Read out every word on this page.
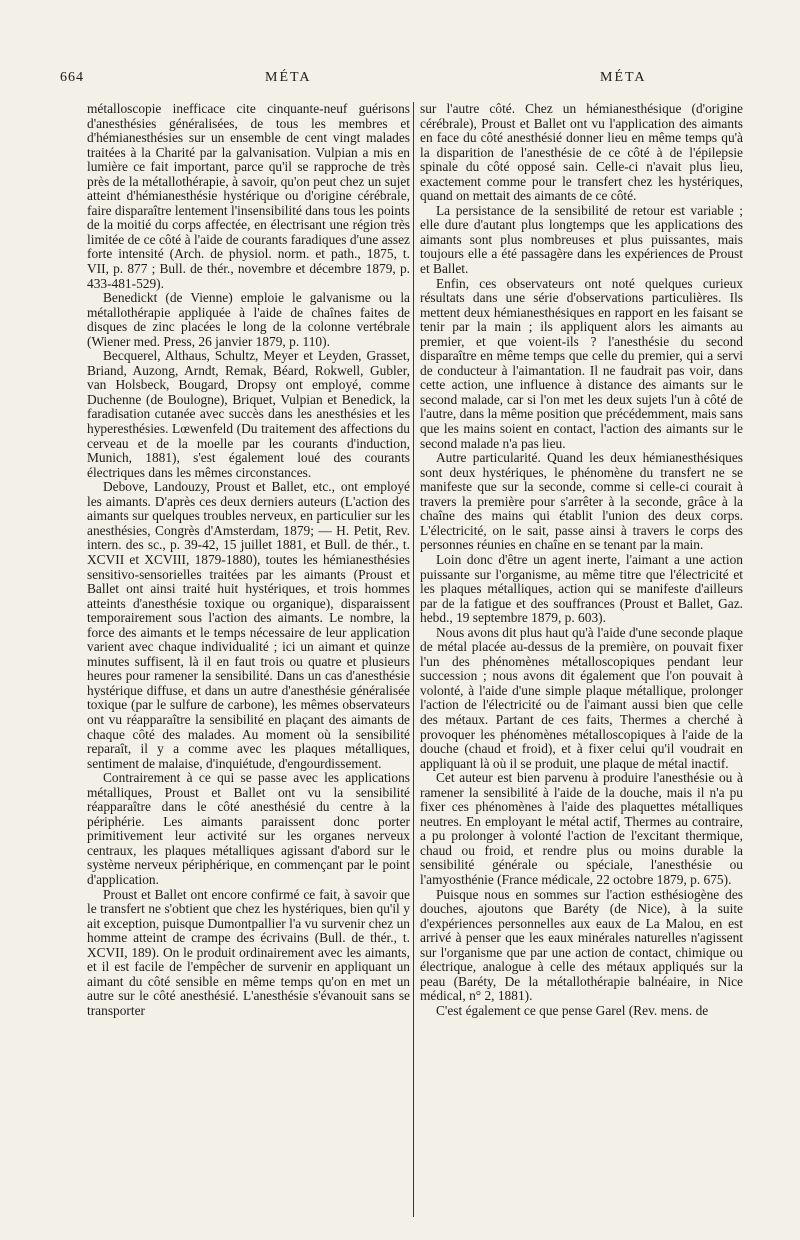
664	MÉTA	MÉTA

métalloscopie inefficace cite cinquante-neuf guérisons d'anesthésies généralisées, de tous les membres et d'hémianesthésies sur un ensemble de cent vingt malades traitées à la Charité par la galvanisation. Vulpian a mis en lumière ce fait important, parce qu'il se rapproche de très près de la métallothérapie, à savoir, qu'on peut chez un sujet atteint d'hémianesthésie hystérique ou d'origine cérébrale, faire disparaître lentement l'insensibilité dans tous les points de la moitié du corps affectée, en électrisant une région très limitée de ce côté à l'aide de courants faradiques d'une assez forte intensité (Arch. de physiol. norm. et path., 1875, t. VII, p. 877 ; Bull. de thér., novembre et décembre 1879, p. 433-481-529).

Benedickt (de Vienne) emploie le galvanisme ou la métallothérapie appliquée à l'aide de chaînes faites de disques de zinc placées le long de la colonne vertébrale (Wiener med. Press, 26 janvier 1879, p. 110).

Becquerel, Althaus, Schultz, Meyer et Leyden, Grasset, Briand, Auzong, Arndt, Remak, Béard, Rokwell, Gubler, van Holsbeck, Bougard, Dropsy ont employé, comme Duchenne (de Boulogne), Briquet, Vulpian et Benedick, la faradisation cutanée avec succès dans les anesthésies et les hyperesthésies. Lœwenfeld (Du traitement des affections du cerveau et de la moelle par les courants d'induction, Munich, 1881), s'est également loué des courants électriques dans les mêmes circonstances.

Debove, Landouzy, Proust et Ballet, etc., ont employé les aimants. D'après ces deux derniers auteurs (L'action des aimants sur quelques troubles nerveux, en particulier sur les anesthésies, Congrès d'Amsterdam, 1879; — H. Petit, Rev. intern. des sc., p. 39-42, 15 juillet 1881, et Bull. de thér., t. XCVII et XCVIII, 1879-1880), toutes les hémianesthésies sensitivo-sensorielles traitées par les aimants (Proust et Ballet ont ainsi traité huit hystériques, et trois hommes atteints d'anesthésie toxique ou organique), disparaissent temporairement sous l'action des aimants. Le nombre, la force des aimants et le temps nécessaire de leur application varient avec chaque individualité ; ici un aimant et quinze minutes suffisent, là il en faut trois ou quatre et plusieurs heures pour ramener la sensibilité. Dans un cas d'anesthésie hystérique diffuse, et dans un autre d'anesthésie généralisée toxique (par le sulfure de carbone), les mêmes observateurs ont vu réapparaître la sensibilité en plaçant des aimants de chaque côté des malades. Au moment où la sensibilité reparaît, il y a comme avec les plaques métalliques, sentiment de malaise, d'inquiétude, d'engourdissement.

Contrairement à ce qui se passe avec les applications métalliques, Proust et Ballet ont vu la sensibilité réapparaître dans le côté anesthésié du centre à la périphérie. Les aimants paraissent donc porter primitivement leur activité sur les organes nerveux centraux, les plaques métalliques agissant d'abord sur le système nerveux périphérique, en commençant par le point d'application.

Proust et Ballet ont encore confirmé ce fait, à savoir que le transfert ne s'obtient que chez les hystériques, bien qu'il y ait exception, puisque Dumontpallier l'a vu survenir chez un homme atteint de crampe des écrivains (Bull. de thér., t. XCVII, 189). On le produit ordinairement avec les aimants, et il est facile de l'empêcher de survenir en appliquant un aimant du côté sensible en même temps qu'on en met un autre sur le côté anesthésié. L'anesthésie s'évanouit sans se transporter

sur l'autre côté. Chez un hémianesthésique (d'origine cérébrale), Proust et Ballet ont vu l'application des aimants en face du côté anesthésié donner lieu en même temps qu'à la disparition de l'anesthésie de ce côté à de l'épilepsie spinale du côté opposé sain. Celle-ci n'avait plus lieu, exactement comme pour le transfert chez les hystériques, quand on mettait des aimants de ce côté.

La persistance de la sensibilité de retour est variable ; elle dure d'autant plus longtemps que les applications des aimants sont plus nombreuses et plus puissantes, mais toujours elle a été passagère dans les expériences de Proust et Ballet.

Enfin, ces observateurs ont noté quelques curieux résultats dans une série d'observations particulières. Ils mettent deux hémianesthésiques en rapport en les faisant se tenir par la main ; ils appliquent alors les aimants au premier, et que voient-ils ? l'anesthésie du second disparaître en même temps que celle du premier, qui a servi de conducteur à l'aimantation. Il ne faudrait pas voir, dans cette action, une influence à distance des aimants sur le second malade, car si l'on met les deux sujets l'un à côté de l'autre, dans la même position que précédemment, mais sans que les mains soient en contact, l'action des aimants sur le second malade n'a pas lieu.

Autre particularité. Quand les deux hémianesthésiques sont deux hystériques, le phénomène du transfert ne se manifeste que sur la seconde, comme si celle-ci courait à travers la première pour s'arrêter à la seconde, grâce à la chaîne des mains qui établit l'union des deux corps. L'électricité, on le sait, passe ainsi à travers le corps des personnes réunies en chaîne en se tenant par la main.

Loin donc d'être un agent inerte, l'aimant a une action puissante sur l'organisme, au même titre que l'électricité et les plaques métalliques, action qui se manifeste d'ailleurs par de la fatigue et des souffrances (Proust et Ballet, Gaz. hebd., 19 septembre 1879, p. 603).

Nous avons dit plus haut qu'à l'aide d'une seconde plaque de métal placée au-dessus de la première, on pouvait fixer l'un des phénomènes métalloscopiques pendant leur succession ; nous avons dit également que l'on pouvait à volonté, à l'aide d'une simple plaque métallique, prolonger l'action de l'électricité ou de l'aimant aussi bien que celle des métaux. Partant de ces faits, Thermes a cherché à provoquer les phénomènes métalloscopiques à l'aide de la douche (chaud et froid), et à fixer celui qu'il voudrait en appliquant là où il se produit, une plaque de métal inactif.

Cet auteur est bien parvenu à produire l'anesthésie ou à ramener la sensibilité à l'aide de la douche, mais il n'a pu fixer ces phénomènes à l'aide des plaquettes métalliques neutres. En employant le métal actif, Thermes au contraire, a pu prolonger à volonté l'action de l'excitant thermique, chaud ou froid, et rendre plus ou moins durable la sensibilité générale ou spéciale, l'anesthésie ou l'amyosthénie (France médicale, 22 octobre 1879, p. 675).

Puisque nous en sommes sur l'action esthésiogène des douches, ajoutons que Baréty (de Nice), à la suite d'expériences personnelles aux eaux de La Malou, en est arrivé à penser que les eaux minérales naturelles n'agissent sur l'organisme que par une action de contact, chimique ou électrique, analogue à celle des métaux appliqués sur la peau (Baréty, De la métallothérapie balnéaire, in Nice médical, n° 2, 1881).

C'est également ce que pense Garel (Rev. mens. de
